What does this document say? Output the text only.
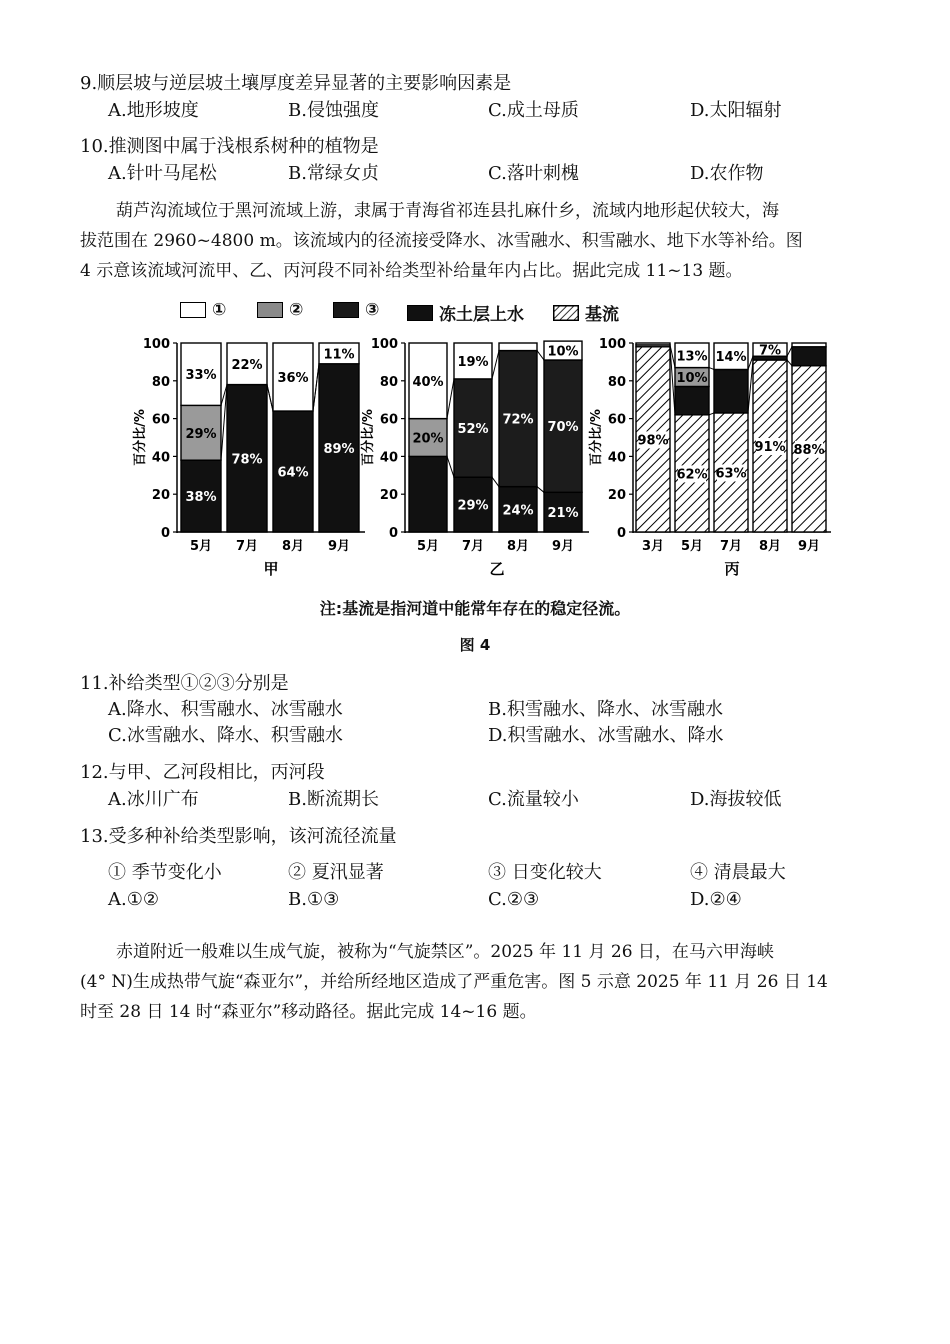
9.顺层坡与逆层坡土壤厚度差异显著的主要影响因素是
A.地形坡度	B.侵蚀强度	C.成土母质	D.太阳辐射
10.推测图中属于浅根系树种的植物是
A.针叶马尾松	B.常绿女贞	C.落叶刺槐	D.农作物
葫芦沟流域位于黑河流域上游，隶属于青海省祁连县扎麻什乡，流域内地形起伏较大，海
拔范围在 2960~4800 m。该流域内的径流接受降水、冰雪融水、积雪融水、地下水等补给。图
4 示意该流域河流甲、乙、丙河段不同补给类型补给量年内占比。据此完成 11~13 题。
①	②	③	冻土层上水	基流
0
20
40
60
80
100
百分比/%
38%
29%
33%
5月
78%
22%
7月
64%
36%
8月
89%
11%
9月
甲
0
20
40
60
80
100
百分比/%	20%
40%
5月
29%
52%
19%
7月
24%
72%
8月
21%
70%
10%
9月
乙
0
20
40
60
80
100
百分比/%	98%
3月
62%
10%
13%
5月
63%
14%
7月
91%
7%
8月
88%
9月
丙
注:基流是指河道中能常年存在的稳定径流。
图 4
11.补给类型①②③分别是
A.降水、积雪融水、冰雪融水	B.积雪融水、降水、冰雪融水
C.冰雪融水、降水、积雪融水	D.积雪融水、冰雪融水、降水
12.与甲、乙河段相比，丙河段
A.冰川广布	B.断流期长	C.流量较小	D.海拔较低
13.受多种补给类型影响，该河流径流量
① 季节变化小	② 夏汛显著	③ 日变化较大	④ 清晨最大
A.①②	B.①③	C.②③	D.②④
赤道附近一般难以生成气旋，被称为“气旋禁区”。2025 年 11 月 26 日，在马六甲海峡
(4° N)生成热带气旋“森亚尔”，并给所经地区造成了严重危害。图 5 示意 2025 年 11 月 26 日 14
时至 28 日 14 时“森亚尔”移动路径。据此完成 14~16 题。
